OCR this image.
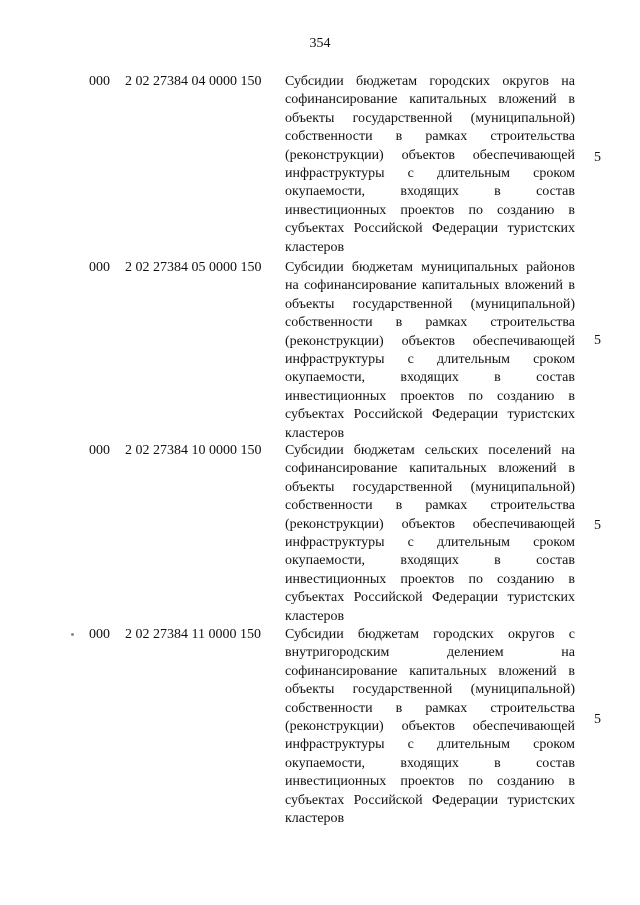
354
000 2 02 27384 04 0000 150 Субсидии бюджетам городских округов на софинансирование капитальных вложений в объекты государственной (муниципальной) собственности в рамках строительства (реконструкции) объектов обеспечивающей инфраструктуры с длительным сроком окупаемости, входящих в состав инвестиционных проектов по созданию в субъектах Российской Федерации туристских кластеров
5
000 2 02 27384 05 0000 150 Субсидии бюджетам муниципальных районов на софинансирование капитальных вложений в объекты государственной (муниципальной) собственности в рамках строительства (реконструкции) объектов обеспечивающей инфраструктуры с длительным сроком окупаемости, входящих в состав инвестиционных проектов по созданию в субъектах Российской Федерации туристских кластеров
5
000 2 02 27384 10 0000 150 Субсидии бюджетам сельских поселений на софинансирование капитальных вложений в объекты государственной (муниципальной) собственности в рамках строительства (реконструкции) объектов обеспечивающей инфраструктуры с длительным сроком окупаемости, входящих в состав инвестиционных проектов по созданию в субъектах Российской Федерации туристских кластеров
5
000 2 02 27384 11 0000 150 Субсидии бюджетам городских округов с внутригородским делением на софинансирование капитальных вложений в объекты государственной (муниципальной) собственности в рамках строительства (реконструкции) объектов обеспечивающей инфраструктуры с длительным сроком окупаемости, входящих в состав инвестиционных проектов по созданию в субъектах Российской Федерации туристских кластеров
5
